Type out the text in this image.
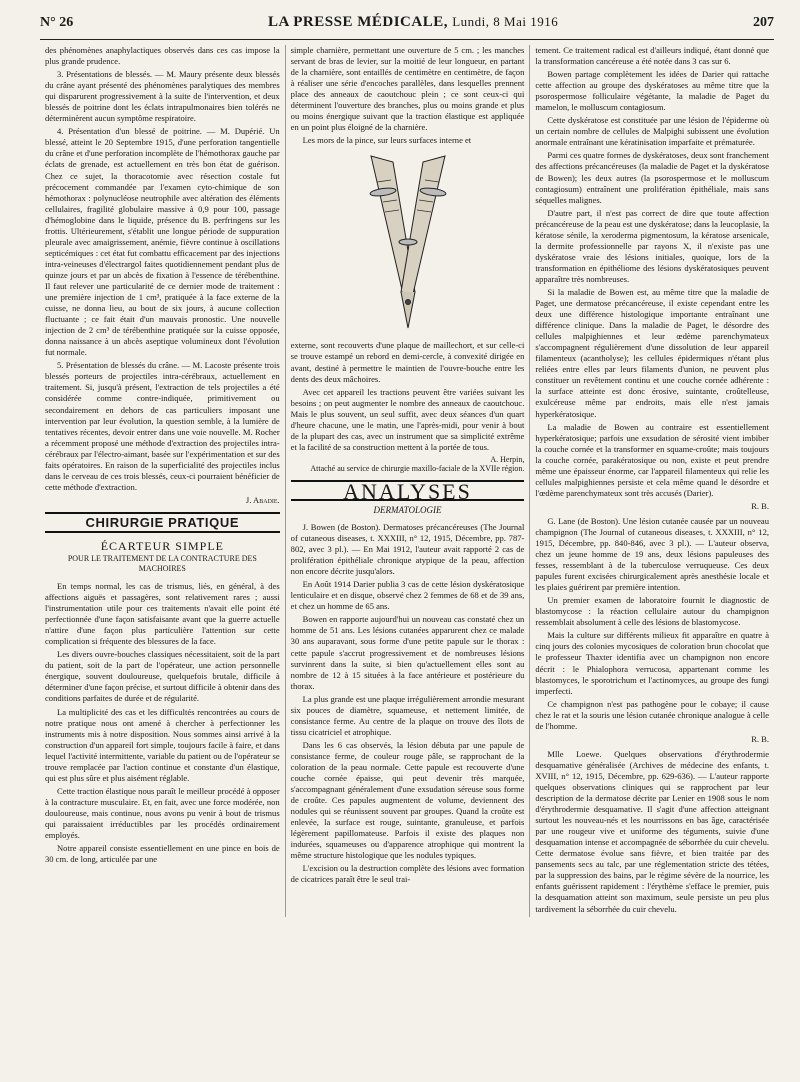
N° 26	LA PRESSE MÉDICALE, Lundi, 8 Mai 1916	207

des phénomènes anaphylactiques observés dans ces cas impose la plus grande prudence.

3. Présentations de blessés. — M. Maury présente deux blessés du crâne ayant présenté des phénomènes paralytiques des membres qui disparurent progressivement à la suite de l'intervention, et deux blessés de poitrine dont les éclats intrapulmonaires bien tolérés ne déterminèrent aucun symptôme respiratoire.

4. Présentation d'un blessé de poitrine. — M. Dupérié. Un blessé, atteint le 20 Septembre 1915, d'une perforation tangentielle du crâne et d'une perforation incomplète de l'hémothorax gauche par éclats de grenade, est actuellement en très bon état de guérison. Chez ce sujet, la thoracotomie avec résection costale fut précocement commandée par l'examen cyto-chimique de son hémothorax : polynucléose neutrophile avec altération des éléments cellulaires, fragilité globulaire massive à 0,9 pour 100, passage d'hémoglobine dans le liquide, présence du B. perfringens sur les frottis. Ultérieurement, s'établit une longue période de suppuration pleurale avec amaigrissement, anémie, fièvre continue à oscillations septicémiques : cet état fut combattu efficacement par des injections intra-veineuses d'électrargol faites quotidiennement pendant plus de quinze jours et par un abcès de fixation à l'essence de térébenthine. Il faut relever une particularité de ce dernier mode de traitement : une première injection de 1 cm³, pratiquée à la face externe de la cuisse, ne donna lieu, au bout de six jours, à aucune collection fluctuante ; ce fait était d'un mauvais pronostic. Une nouvelle injection de 2 cm³ de térébenthine pratiquée sur la cuisse opposée, donna naissance à un abcès aseptique volumineux dont l'évolution fut normale.

5. Présentation de blessés du crâne. — M. Lacoste présente trois blessés porteurs de projectiles intra-cérébraux, actuellement en traitement. Si, jusqu'à présent, l'extraction de tels projectiles a été considérée comme contre-indiquée, primitivement ou secondairement en dehors de cas particuliers imposant une intervention par leur évolution, la question semble, à la lumière de tentatives récentes, devoir entrer dans une voie nouvelle. M. Rocher a récemment proposé une méthode d'extraction des projectiles intra-cérébraux par l'électro-aimant, basée sur l'expérimentation et sur des faits opératoires. En raison de la superficialité des projectiles inclus dans le cerveau de ces trois blessés, ceux-ci pourraient bénéficier de cette méthode d'extraction.

J. Abadie.
CHIRURGIE PRATIQUE
ÉCARTEUR SIMPLE
POUR LE TRAITEMENT DE LA CONTRACTURE DES MACHOIRES

En temps normal, les cas de trismus, liés, en général, à des affections aiguës et passagères, sont relativement rares ; aussi l'instrumentation utile pour ces traitements n'avait elle point été perfectionnée d'une façon satisfaisante avant que la guerre actuelle n'attire d'une façon plus particulière l'attention sur cette complication si fréquente des blessures de la face.

Les divers ouvre-bouches classiques nécessitaient, soit de la part du patient, soit de la part de l'opérateur, une action personnelle énergique, souvent douloureuse, quelquefois brutale, difficile à déterminer d'une façon précise, et surtout difficile à obtenir dans des conditions parfaites de durée et de régularité.

La multiplicité des cas et les difficultés rencontrées au cours de notre pratique nous ont amené à chercher à perfectionner les instruments mis à notre disposition. Nous sommes ainsi arrivé à la construction d'un appareil fort simple, toujours facile à faire, et dans lequel l'activité intermittente, variable du patient ou de l'opérateur se trouve remplacée par l'action continue et constante d'un élastique, qui est plus sûre et plus aisément réglable.

Cette traction élastique nous paraît le meilleur procédé à opposer à la contracture musculaire. Et, en fait, avec une force modérée, non douloureuse, mais continue, nous avons pu venir à bout de trismus qui paraissaient irréductibles par les procédés ordinairement employés.

Notre appareil consiste essentiellement en une pince en bois de 30 cm. de long, articulée par une

simple charnière, permettant une ouverture de 5 cm. ; les manches servant de bras de levier, sur la moitié de leur longueur, en partant de la charnière, sont entaillés de centimètre en centimètre, de façon à réaliser une série d'encoches parallèles, dans lesquelles prennent place des anneaux de caoutchouc plein ; ce sont ceux-ci qui déterminent l'ouverture des branches, plus ou moins grande et plus ou moins énergique suivant que la traction élastique est appliquée en un point plus éloigné de la charnière.

Les mors de la pince, sur leurs surfaces interne et

externe, sont recouverts d'une plaque de maillechort, et sur celle-ci se trouve estampé un rebord en demi-cercle, à convexité dirigée en avant, destiné à permettre le maintien de l'ouvre-bouche entre les dents des deux mâchoires.

Avec cet appareil les tractions peuvent être variées suivant les besoins ; on peut augmenter le nombre des anneaux de caoutchouc. Mais le plus souvent, un seul suffit, avec deux séances d'un quart d'heure chacune, une le matin, une l'après-midi, pour venir à bout de la plupart des cas, avec un instrument que sa simplicité extrême et la facilité de sa construction mettent à la portée de tous.

A. Herpin,
Attaché au service de chirurgie maxillo-faciale de la XVIIe région.
ANALYSES
DERMATOLOGIE

J. Bowen (de Boston). Dermatoses précancéreuses (The Journal of cutaneous diseases, t. XXXIII, n° 12, 1915, Décembre, pp. 787-802, avec 3 pl.). — En Mai 1912, l'auteur avait rapporté 2 cas de prolifération épithéliale chronique atypique de la peau, affection non encore décrite jusqu'alors.

En Août 1914 Darier publia 3 cas de cette lésion dyskératosique lenticulaire et en disque, observé chez 2 femmes de 68 et de 39 ans, et chez un homme de 65 ans.

Bowen en rapporte aujourd'hui un nouveau cas constaté chez un homme de 51 ans. Les lésions cutanées apparurent chez ce malade 30 ans auparavant, sous forme d'une petite papule sur le thorax : cette papule s'accrut progressivement et de nombreuses lésions survinrent dans la suite, si bien qu'actuellement elles sont au nombre de 12 à 15 situées à la face antérieure et postérieure du thorax.

La plus grande est une plaque irrégulièrement arrondie mesurant six pouces de diamètre, squameuse, et nettement limitée, de consistance ferme. Au centre de la plaque on trouve des îlots de tissu cicatriciel et atrophique.

Dans les 6 cas observés, la lésion débuta par une papule de consistance ferme, de couleur rouge pâle, se rapprochant de la coloration de la peau normale. Cette papule est recouverte d'une couche cornée épaisse, qui peut devenir très marquée, s'accompagnant généralement d'une exsudation séreuse sous forme de croûte. Ces papules augmentent de volume, deviennent des nodules qui se réunissent souvent par groupes. Quand la croûte est enlevée, la surface est rouge, suintante, granuleuse, et parfois légèrement papillomateuse. Parfois il existe des plaques non indurées, squameuses ou d'apparence atrophique qui montrent la même structure histologique que les nodules typiques.

L'excision ou la destruction complète des lésions avec formation de cicatrices paraît être le seul trai-

tement. Ce traitement radical est d'ailleurs indiqué, étant donné que la transformation cancéreuse a été notée dans 3 cas sur 6.

Bowen partage complètement les idées de Darier qui rattache cette affection au groupe des dyskératoses au même titre que la psorospermose folliculaire végétante, la maladie de Paget du mamelon, le molluscum contagiosum.

Cette dyskératose est constituée par une lésion de l'épiderme où un certain nombre de cellules de Malpighi subissent une évolution anormale entraînant une kératinisation imparfaite et prématurée.

Parmi ces quatre formes de dyskératoses, deux sont franchement des affections précancéreuses (la maladie de Paget et la dyskératose de Bowen); les deux autres (la psorospermose et le molluscum contagiosum) entraînent une prolifération épithéliale, mais sans séquelles malignes.

D'autre part, il n'est pas correct de dire que toute affection précancéreuse de la peau est une dyskératose; dans la leucoplasie, la kératose sénile, la xeroderma pigmentosum, la kératose arsenicale, la dermite professionnelle par rayons X, il n'existe pas une dyskératose vraie des lésions initiales, quoique, lors de la transformation en épithéliome des lésions dyskératosiques peuvent apparaître très nombreuses.

Si la maladie de Bowen est, au même titre que la maladie de Paget, une dermatose précancéreuse, il existe cependant entre les deux une différence histologique importante entraînant une différence clinique. Dans la maladie de Paget, le désordre des cellules malpighiennes et leur œdème parenchymateux s'accompagnent régulièrement d'une dissolution de leur appareil filamenteux (acantholyse); les cellules épidermiques n'étant plus reliées entre elles par leurs filaments d'union, ne peuvent plus constituer un revêtement continu et une couche cornée adhérente : la surface atteinte est donc érosive, suintante, croûtelleuse, exulcéreuse même par endroits, mais elle n'est jamais hyperkératosique.

La maladie de Bowen au contraire est essentiellement hyperkératosique; parfois une exsudation de sérosité vient imbiber la couche cornée et la transformer en squame-croûte; mais toujours la couche cornée, parakératosique ou non, existe et peut prendre même une épaisseur énorme, car l'appareil filamenteux qui relie les cellules malpighiennes persiste et cela même quand le désordre et l'œdème parenchymateux sont très accusés (Darier).

R. B.

G. Lane (de Boston). Une lésion cutanée causée par un nouveau champignon (The Journal of cutaneous diseases, t. XXXIII, n° 12, 1915, Décembre, pp. 840-846, avec 3 pl.). — L'auteur observa, chez un jeune homme de 19 ans, deux lésions papuleuses des fesses, ressemblant à de la tuberculose verruqueuse. Ces deux papules furent excisées chirurgicalement après anesthésie locale et les plaies guérirent par première intention.

Un premier examen de laboratoire fournit le diagnostic de blastomycose : la réaction cellulaire autour du champignon ressemblait absolument à celle des lésions de blastomycose.

Mais la culture sur différents milieux fit apparaître en quatre à cinq jours des colonies mycosiques de coloration brun chocolat que le professeur Thaxter identifia avec un champignon non encore décrit : le Phialophora verrucosa, appartenant comme les blastomyces, le sporotrichum et l'actinomyces, au groupe des fungi imperfecti.

Ce champignon n'est pas pathogène pour le cobaye; il cause chez le rat et la souris une lésion cutanée chronique analogue à celle de l'homme.

R. B.

Mlle Loewe. Quelques observations d'érythrodermie desquamative généralisée (Archives de médecine des enfants, t. XVIII, n° 12, 1915, Décembre, pp. 629-636). — L'auteur rapporte quelques observations cliniques qui se rapprochent par leur description de la dermatose décrite par Lenier en 1908 sous le nom d'érythrodermie desquamative. Il s'agit d'une affection atteignant surtout les nouveau-nés et les nourrissons en bas âge, caractérisée par une rougeur vive et uniforme des téguments, suivie d'une desquamation intense et accompagnée de séborrhée du cuir chevelu. Cette dermatose évolue sans fièvre, et bien traitée par des pansements secs au talc, par une réglementation stricte des tétées, par la suppression des bains, par le régime sévère de la nourrice, les enfants guérissent rapidement : l'érythème s'efface le premier, puis la desquamation atteint son maximum, seule persiste un peu plus tardivement la séborrhée du cuir chevelu.
